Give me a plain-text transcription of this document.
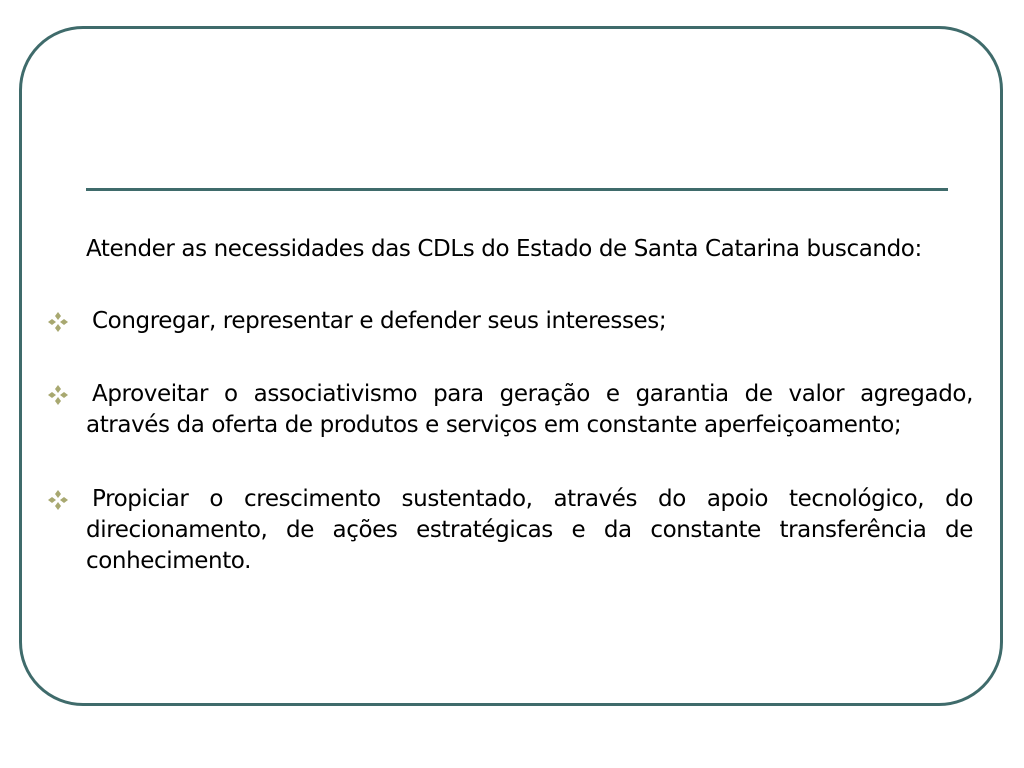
Atender as necessidades das CDLs do Estado de Santa Catarina buscando:

Congregar, representar e defender seus interesses;
Aproveitar o associativismo para geração e garantia de valor agregado, através da oferta de produtos e serviços em constante aperfeiçoamento;
Propiciar o crescimento sustentado, através do apoio tecnológico, do direcionamento, de ações estratégicas e da constante transferência de conhecimento.
